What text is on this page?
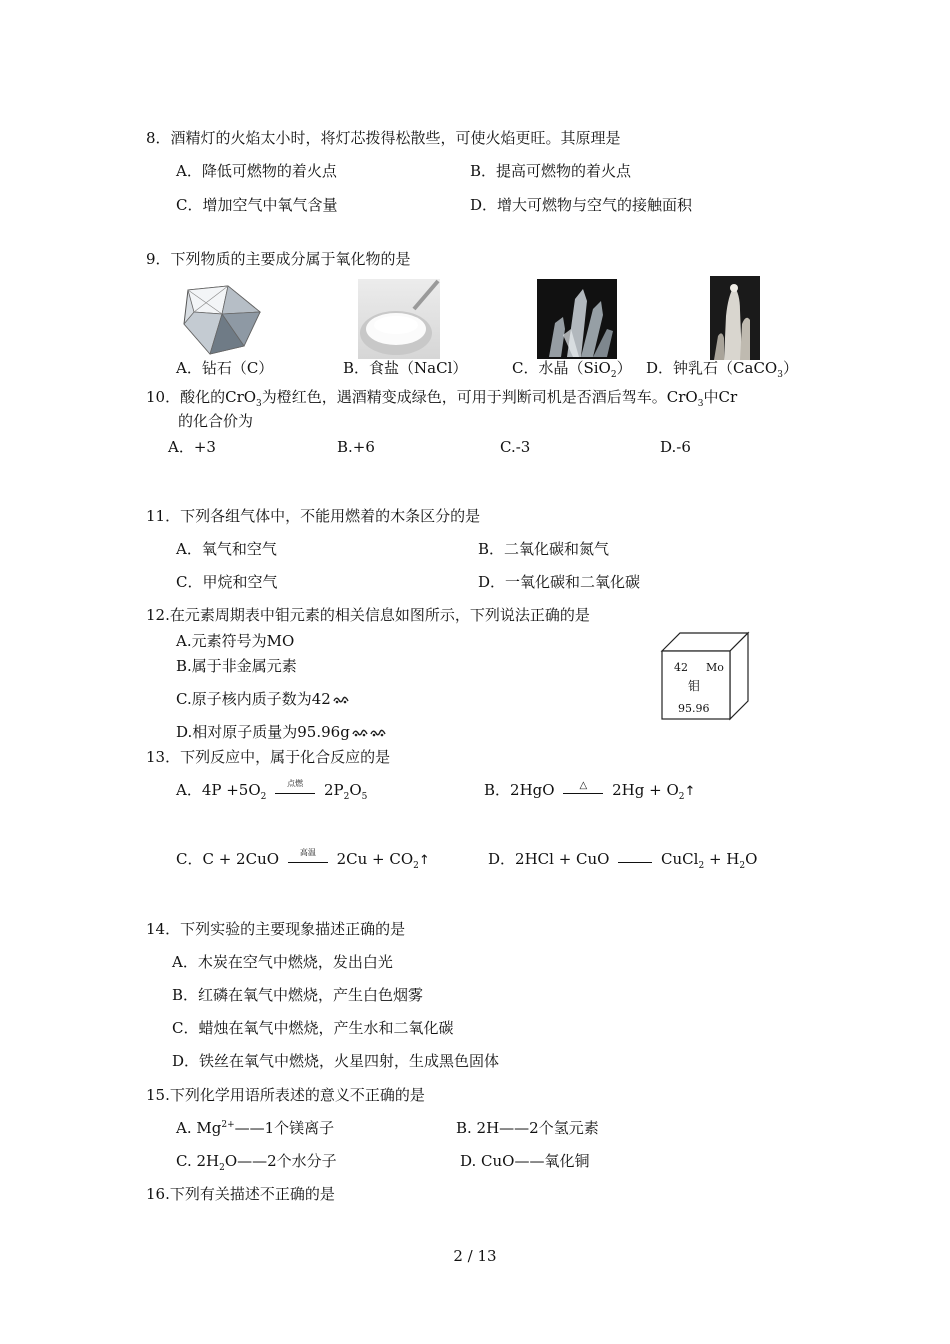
8．酒精灯的火焰太小时，将灯芯拨得松散些，可使火焰更旺。其原理是
A．降低可燃物的着火点	B．提高可燃物的着火点
C．增加空气中氧气含量	D．增大可燃物与空气的接触面积
9．下列物质的主要成分属于氧化物的是
A．钻石（C）	B．食盐（NaCl）	C．水晶（SiO$_2$） D．钟乳石（CaCO$_3$）
10．酸化的CrO$_3$为橙红色，遇酒精变成绿色，可用于判断司机是否酒后驾车。CrO$_3$中Cr
的化合价为
A．+3	B.+6	C.-3	D.-6
11．下列各组气体中，不能用燃着的木条区分的是
A．氧气和空气	B．二氧化碳和氮气
C．甲烷和空气	D．一氧化碳和二氧化碳
12.在元素周期表中钼元素的相关信息如图所示，下列说法正确的是
A.元素符号为MO
B.属于非金属元素
C.原子核内质子数为42
D.相对原子质量为95.96g
42 Mo
钼
95.96
13．下列反应中，属于化合反应的是
A．$4P +5O_2$
点燃	$2P_2O_5$	B．2HgO	△	$2Hg + O_2↑$
C．C + 2CuO	高温	$2Cu + CO_2↑$	D．2HCl + CuO	CuCl$_2$ + $H_2O$
14．下列实验的主要现象描述正确的是
A．木炭在空气中燃烧，发出白光
B．红磷在氧气中燃烧，产生白色烟雾
C．蜡烛在氧气中燃烧，产生水和二氧化碳
D．铁丝在氧气中燃烧，火星四射，生成黑色固体
15.下列化学用语所表述的意义不正确的是
A. $Mg^{2+}——1$个镁离子	B. 2H——2个氢元素
C. $2H_2O——2$个水分子	D. CuO——氧化铜
16.下列有关描述不正确的是
2 / 13
